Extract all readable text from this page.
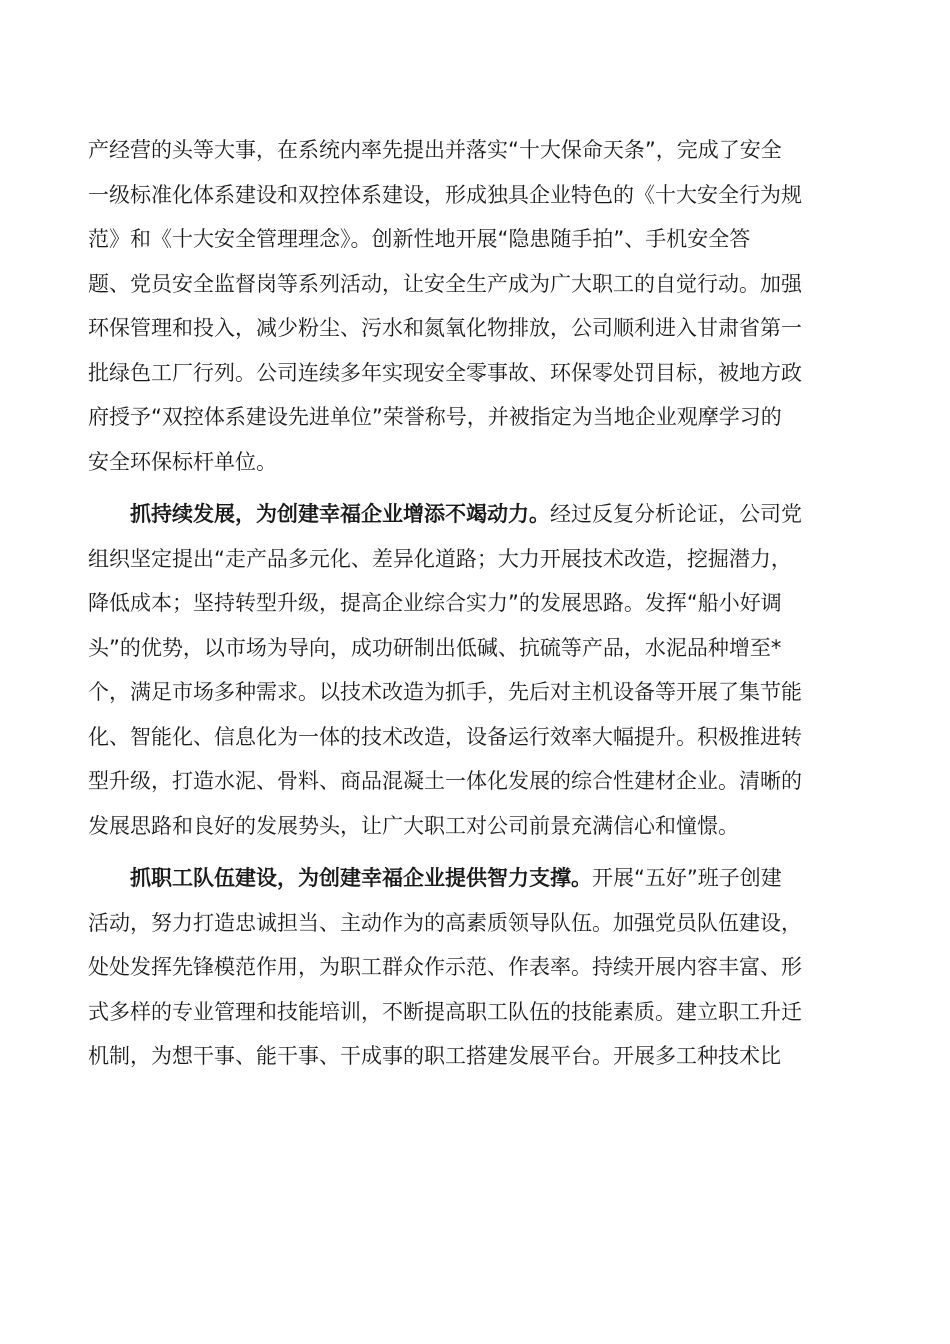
产经营的头等大事，在系统内率先提出并落实“十大保命天条”，完成了安全
一级标准化体系建设和双控体系建设，形成独具企业特色的《十大安全行为规
范》和《十大安全管理理念》。创新性地开展“隐患随手拍”、手机安全答
题、党员安全监督岗等系列活动，让安全生产成为广大职工的自觉行动。加强
环保管理和投入，减少粉尘、污水和氮氧化物排放，公司顺利进入甘肃省第一
批绿色工厂行列。公司连续多年实现安全零事故、环保零处罚目标，被地方政
府授予“双控体系建设先进单位”荣誉称号，并被指定为当地企业观摩学习的
安全环保标杆单位。
抓持续发展，为创建幸福企业增添不竭动力。经过反复分析论证，公司党
组织坚定提出“走产品多元化、差异化道路；大力开展技术改造，挖掘潜力，
降低成本；坚持转型升级，提高企业综合实力”的发展思路。发挥“船小好调
头”的优势，以市场为导向，成功研制出低碱、抗硫等产品，水泥品种增至*
个，满足市场多种需求。以技术改造为抓手，先后对主机设备等开展了集节能
化、智能化、信息化为一体的技术改造，设备运行效率大幅提升。积极推进转
型升级，打造水泥、骨料、商品混凝土一体化发展的综合性建材企业。清晰的
发展思路和良好的发展势头，让广大职工对公司前景充满信心和憧憬。
抓职工队伍建设，为创建幸福企业提供智力支撑。开展“五好”班子创建
活动，努力打造忠诚担当、主动作为的高素质领导队伍。加强党员队伍建设，
处处发挥先锋模范作用，为职工群众作示范、作表率。持续开展内容丰富、形
式多样的专业管理和技能培训，不断提高职工队伍的技能素质。建立职工升迁
机制，为想干事、能干事、干成事的职工搭建发展平台。开展多工种技术比
